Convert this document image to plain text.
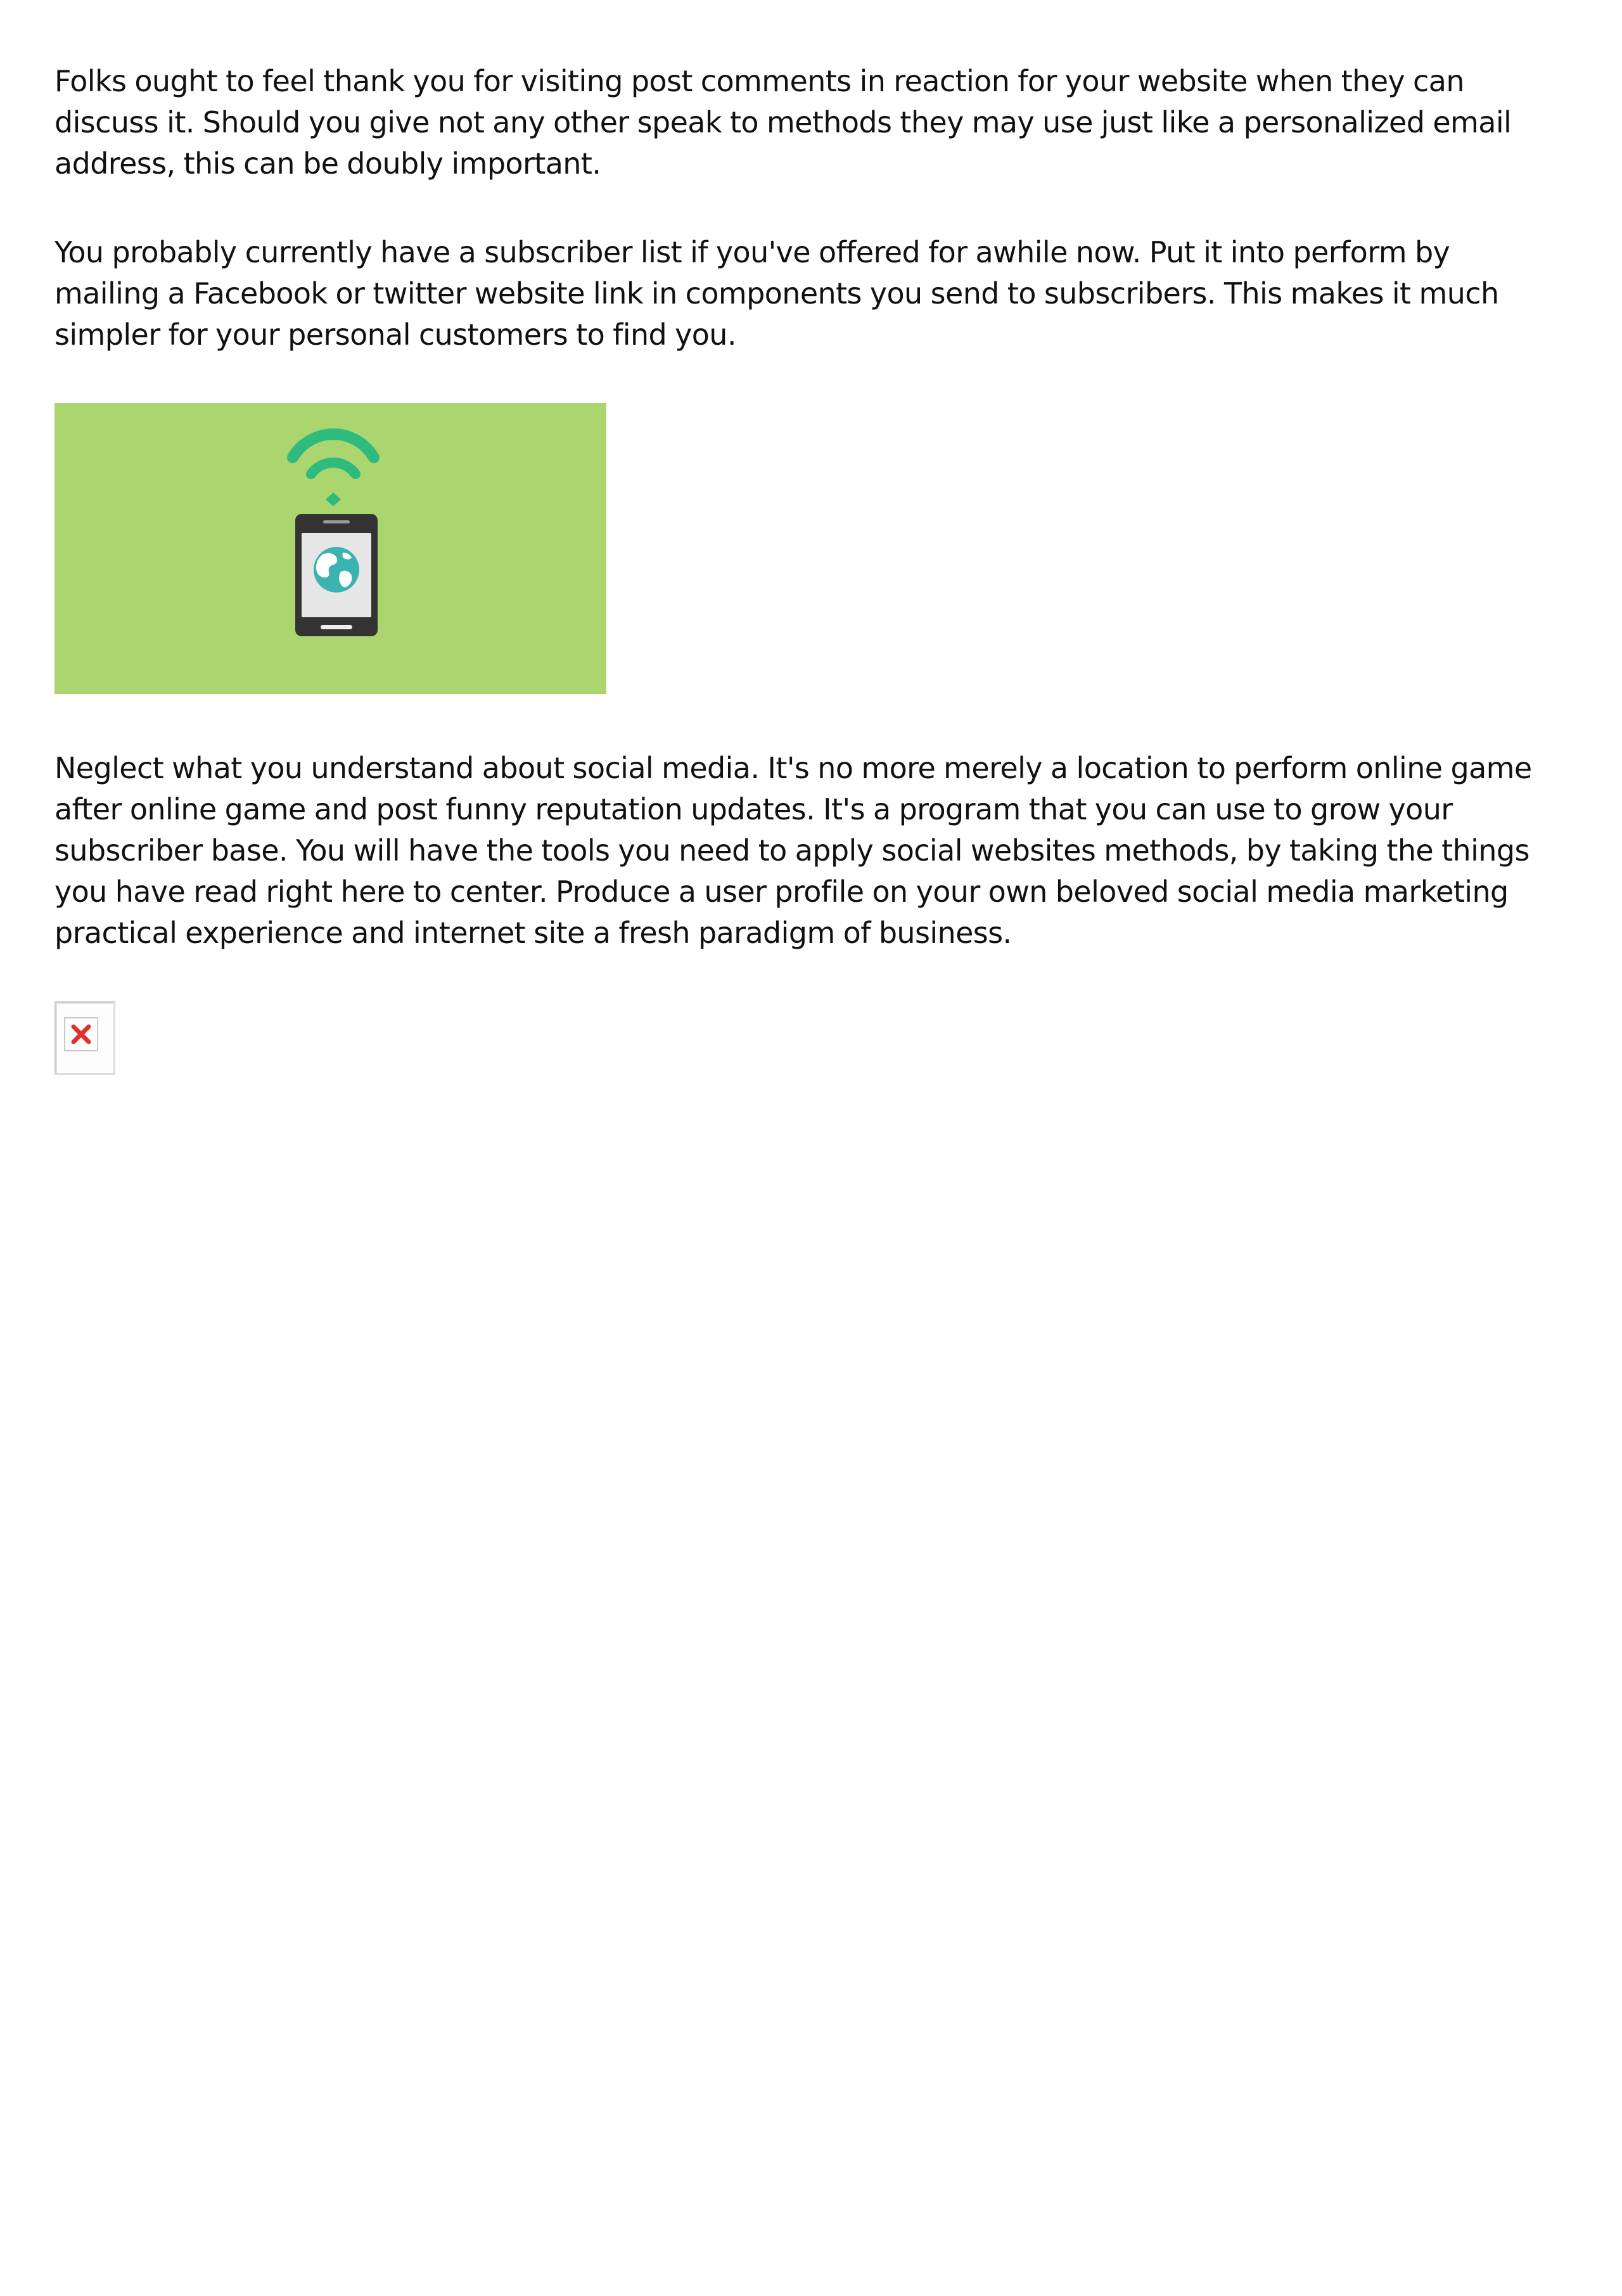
Folks ought to feel thank you for visiting post comments in reaction for your website when they can discuss it. Should you give not any other speak to methods they may use just like a personalized email address, this can be doubly important.

You probably currently have a subscriber list if you've offered for awhile now. Put it into perform by mailing a Facebook or twitter website link in components you send to subscribers. This makes it much simpler for your personal customers to find you.

Neglect what you understand about social media. It's no more merely a location to perform online game after online game and post funny reputation updates. It's a program that you can use to grow your subscriber base. You will have the tools you need to apply social websites methods, by taking the things you have read right here to center. Produce a user profile on your own beloved social media marketing practical experience and internet site a fresh paradigm of business.
